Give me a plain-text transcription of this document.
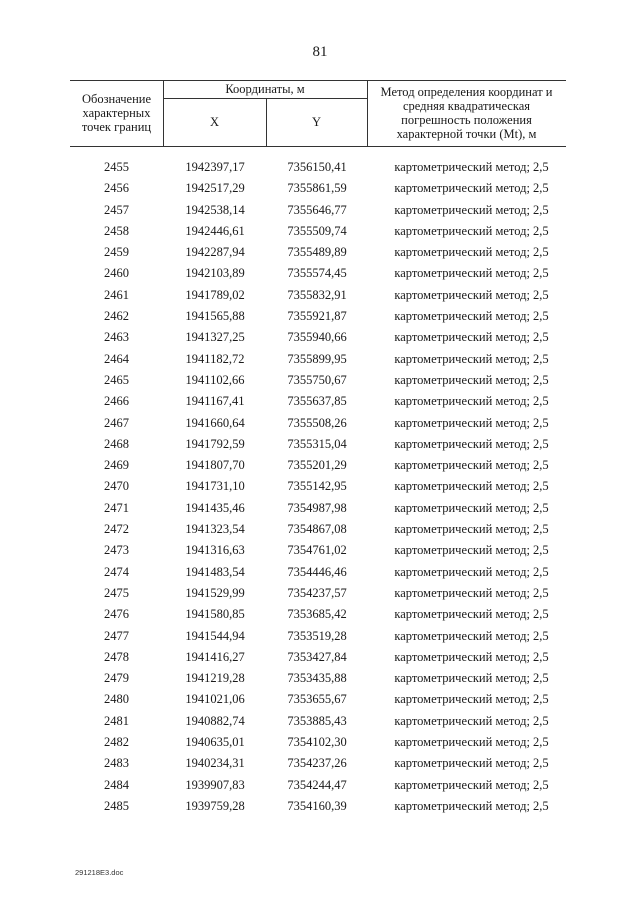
81
Обозначение характерных точек границ
Координаты, м
X	Y
Метод определения координат и средняя квадратическая погрешность положения характерной точки (Mt), м
2455	1942397,17	7356150,41	картометрический метод; 2,5
2456	1942517,29	7355861,59	картометрический метод; 2,5
2457	1942538,14	7355646,77	картометрический метод; 2,5
2458	1942446,61	7355509,74	картометрический метод; 2,5
2459	1942287,94	7355489,89	картометрический метод; 2,5
2460	1942103,89	7355574,45	картометрический метод; 2,5
2461	1941789,02	7355832,91	картометрический метод; 2,5
2462	1941565,88	7355921,87	картометрический метод; 2,5
2463	1941327,25	7355940,66	картометрический метод; 2,5
2464	1941182,72	7355899,95	картометрический метод; 2,5
2465	1941102,66	7355750,67	картометрический метод; 2,5
2466	1941167,41	7355637,85	картометрический метод; 2,5
2467	1941660,64	7355508,26	картометрический метод; 2,5
2468	1941792,59	7355315,04	картометрический метод; 2,5
2469	1941807,70	7355201,29	картометрический метод; 2,5
2470	1941731,10	7355142,95	картометрический метод; 2,5
2471	1941435,46	7354987,98	картометрический метод; 2,5
2472	1941323,54	7354867,08	картометрический метод; 2,5
2473	1941316,63	7354761,02	картометрический метод; 2,5
2474	1941483,54	7354446,46	картометрический метод; 2,5
2475	1941529,99	7354237,57	картометрический метод; 2,5
2476	1941580,85	7353685,42	картометрический метод; 2,5
2477	1941544,94	7353519,28	картометрический метод; 2,5
2478	1941416,27	7353427,84	картометрический метод; 2,5
2479	1941219,28	7353435,88	картометрический метод; 2,5
2480	1941021,06	7353655,67	картометрический метод; 2,5
2481	1940882,74	7353885,43	картометрический метод; 2,5
2482	1940635,01	7354102,30	картометрический метод; 2,5
2483	1940234,31	7354237,26	картометрический метод; 2,5
2484	1939907,83	7354244,47	картометрический метод; 2,5
2485	1939759,28	7354160,39	картометрический метод; 2,5
291218E3.doc
